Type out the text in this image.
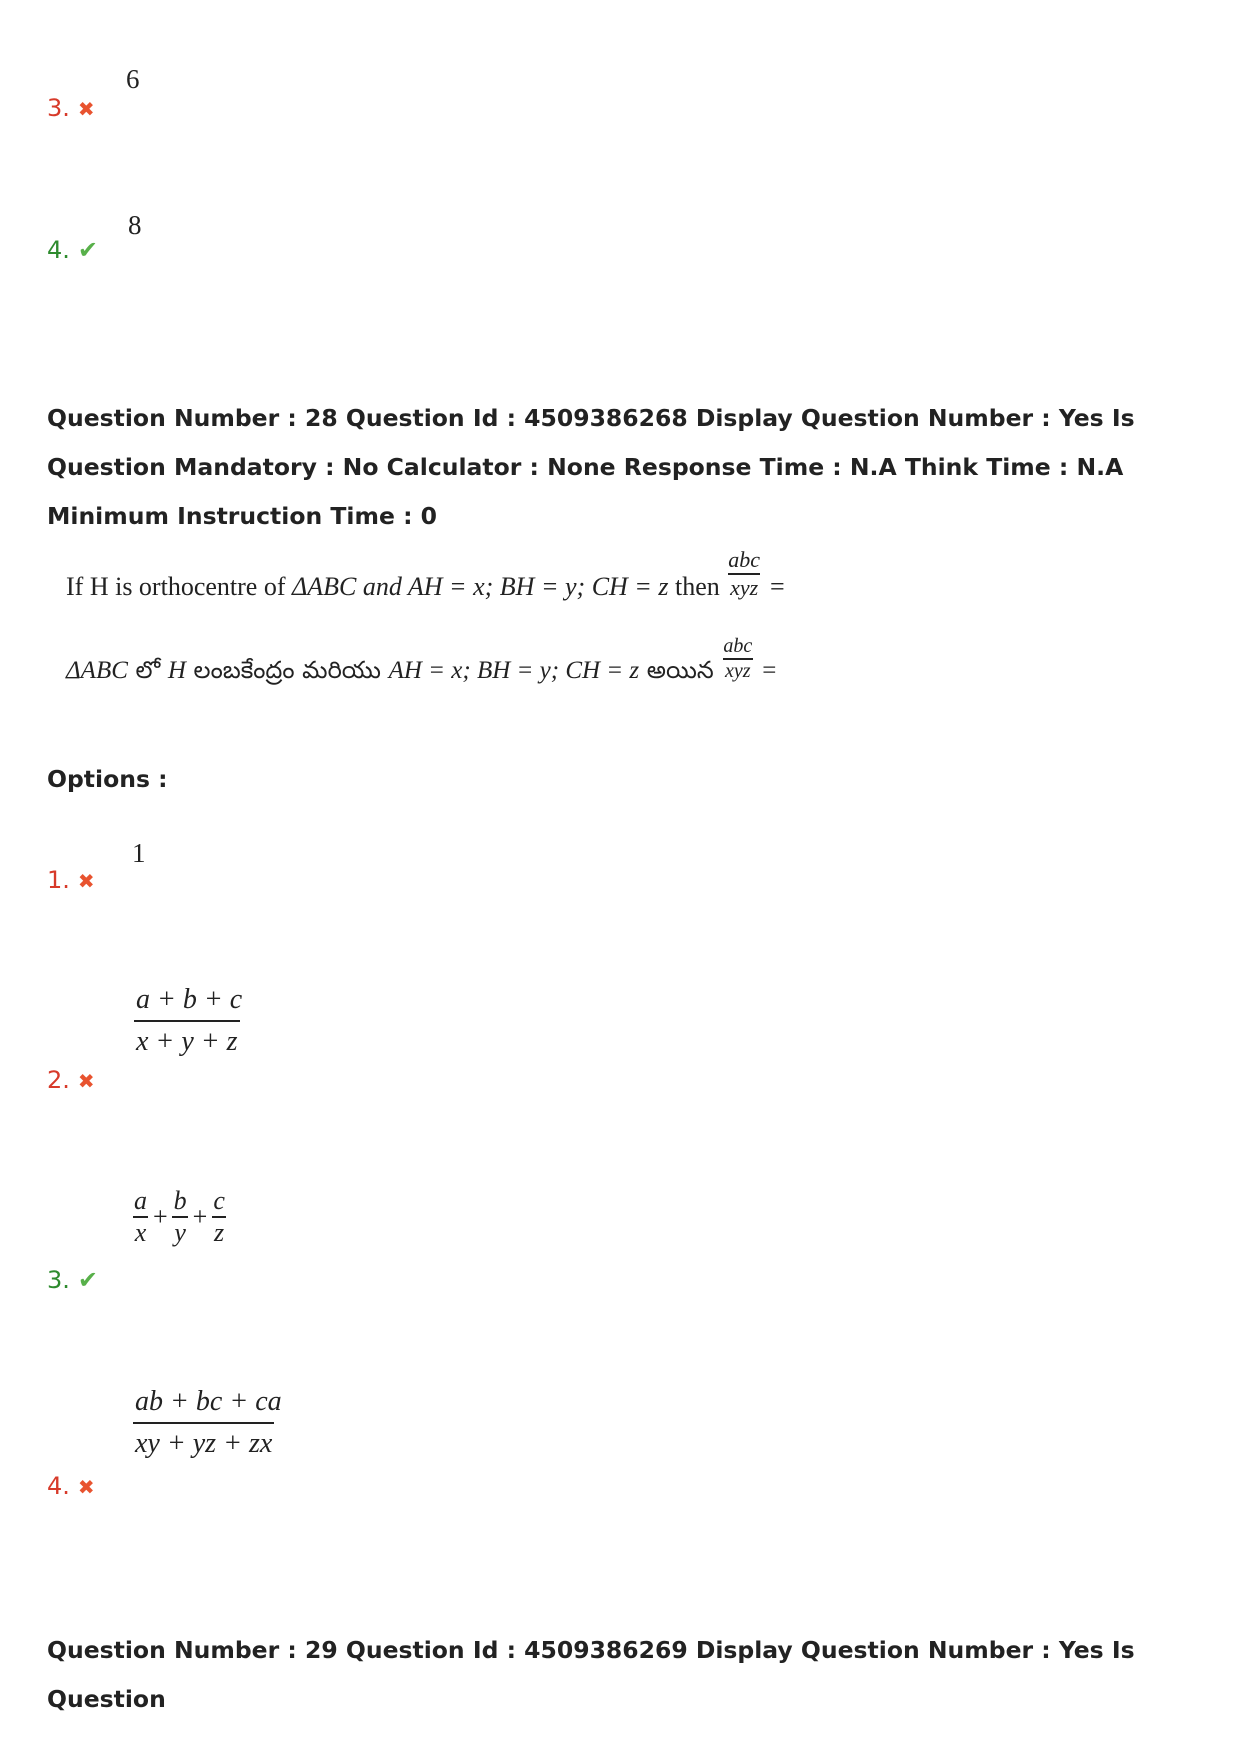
6
3. ✖
8
4. ✔
Question Number : 28 Question Id : 4509386268 Display Question Number : Yes Is Question Mandatory : No Calculator : None Response Time : N.A Think Time : N.A Minimum Instruction Time : 0
If H is orthocentre of ΔABC and AH = x; BH = y; CH = z then $\frac{\text{abc}}{\text{xyz}}$ =
ΔABC లో H లంబకేంద్రం మరియు AH = x; BH = y; CH = z అయిన $\frac{\text{abc}}{\text{xyz}}$ =
Options :
1
1. ✖
$\frac{a + b + c}{x + y + z}$
2. ✖
$\frac{a}{x} + \frac{b}{y} + \frac{c}{z}$
3. ✔
$\frac{ab + bc + ca}{xy + yz + zx}$
4. ✖
Question Number : 29 Question Id : 4509386269 Display Question Number : Yes Is Question
